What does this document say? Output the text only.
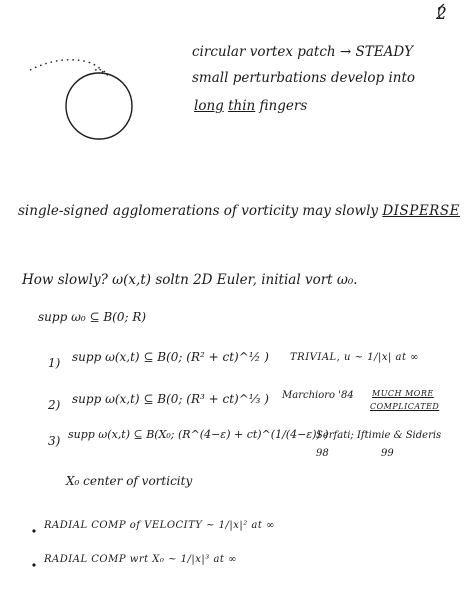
2
circular vortex patch → STEADY
small perturbations develop into
long thin fingers
single-signed agglomerations of vorticity may slowly DISPERSE
How slowly? ω(x,t) soltn 2D Euler, initial vort ω₀.
supp ω₀ ⊆ B(0; R)
1) supp ω(x,t) ⊆ B(0; (R² + ct)^½ ) TRIVIAL, u ~ 1/|x| at ∞
2) supp ω(x,t) ⊆ B(0; (R³ + ct)^⅓ ) Marchioro '84 MUCH MORE
COMPLICATED
3) supp ω(x,t) ⊆ B(X₀; (R^(4−ε) + ct)^(1/(4−ε)) )
Serfati; Iftimie & Sideris
98	99
X₀ center of vorticity
RADIAL COMP of VELOCITY ~ 1/|x|² at ∞
RADIAL COMP wrt X₀ ~ 1/|x|³ at ∞
